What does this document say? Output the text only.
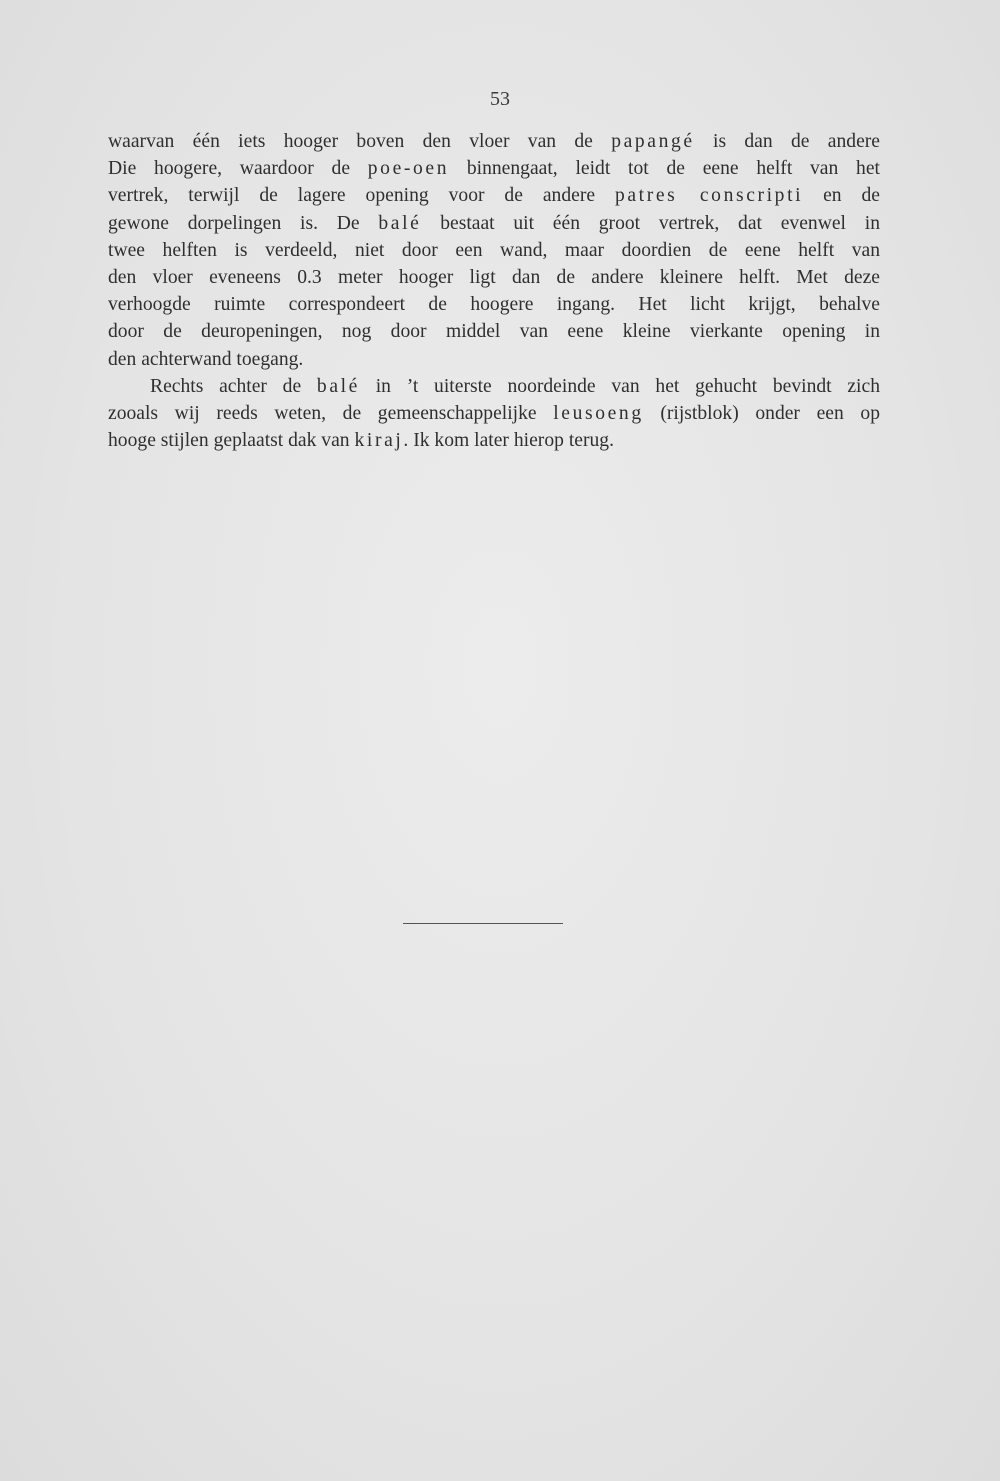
53
waarvan één iets hooger boven den vloer van de papangé is dan de andere
Die hoogere, waardoor de poe-oen binnengaat, leidt tot de eene helft van het
vertrek, terwijl de lagere opening voor de andere patres conscripti en de
gewone dorpelingen is. De balé bestaat uit één groot vertrek, dat evenwel in
twee helften is verdeeld, niet door een wand, maar doordien de eene helft van
den vloer eveneens 0.3 meter hooger ligt dan de andere kleinere helft. Met deze
verhoogde ruimte correspondeert de hoogere ingang. Het licht krijgt, behalve
door de deuropeningen, nog door middel van eene kleine vierkante opening in
den achterwand toegang.
Rechts achter de balé in ’t uiterste noordeinde van het gehucht bevindt zich
zooals wij reeds weten, de gemeenschappelijke leusoeng (rijstblok) onder een op
hooge stijlen geplaatst dak van kiraj. Ik kom later hierop terug.
